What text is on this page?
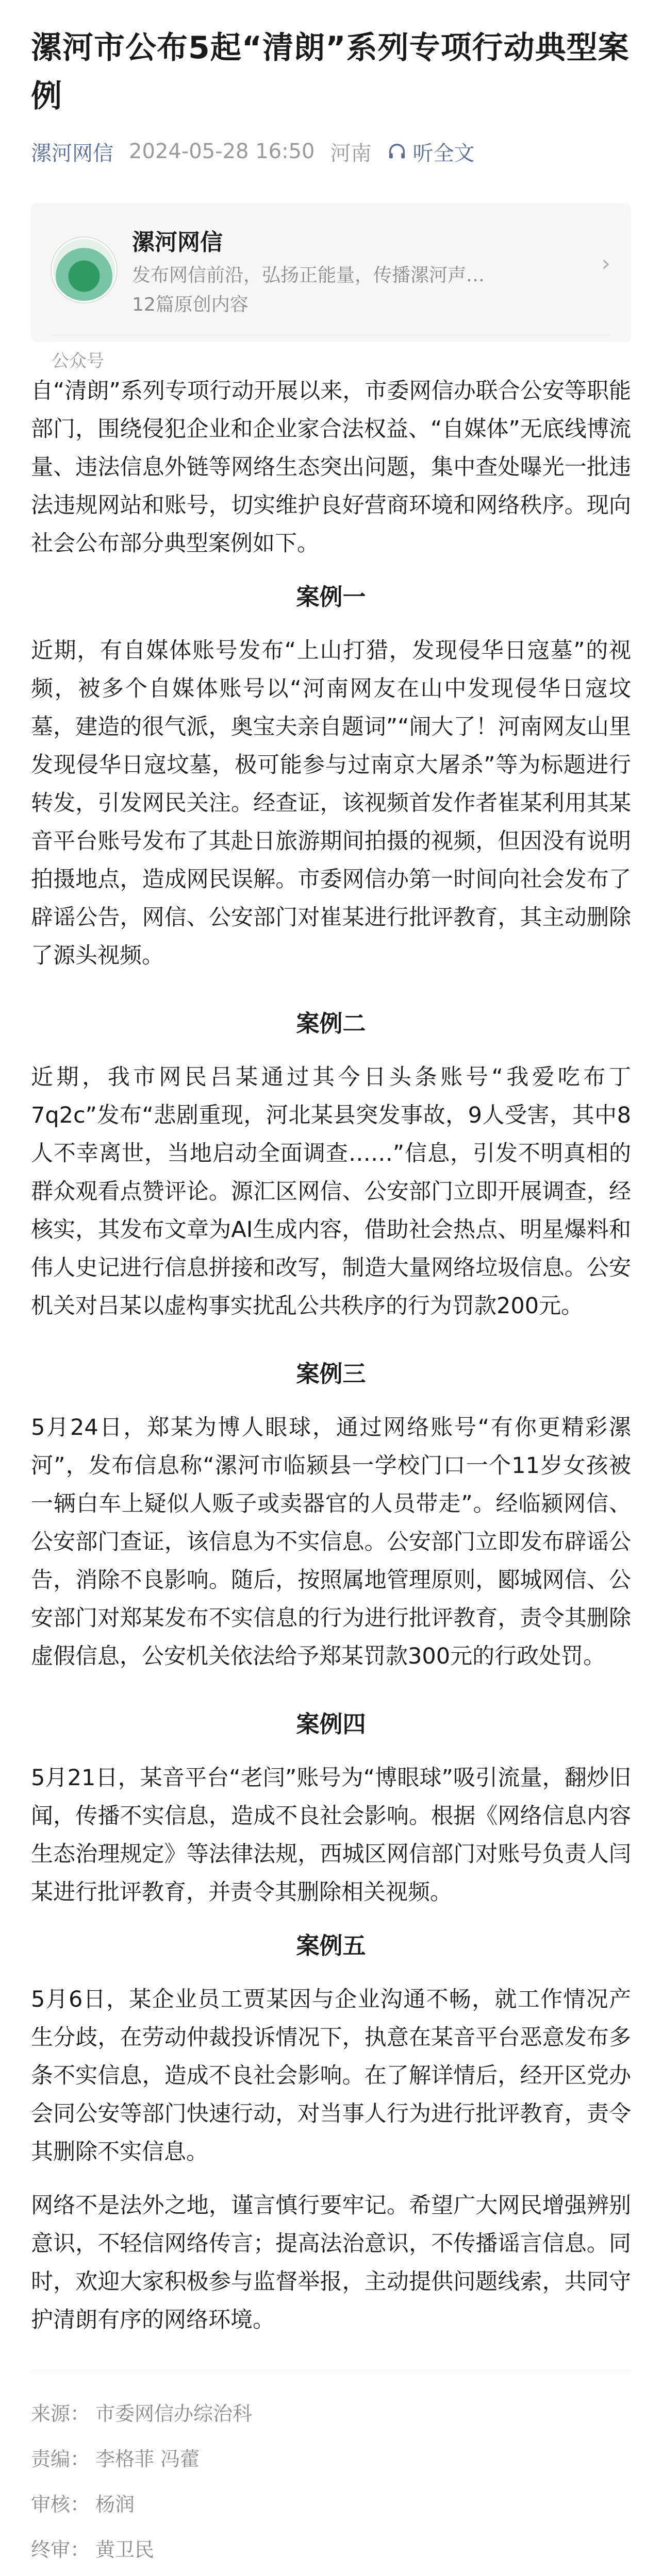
漯河市公布5起“清朗”系列专项行动典型案例
漯河网信 2024-05-28 16:50 河南 听全文
漯河网信
发布网信前沿，弘扬正能量，传播漯河声…
12篇原创内容
›
公众号

自“清朗”系列专项行动开展以来，市委网信办联合公安等职能部门，围绕侵犯企业和企业家合法权益、“自媒体”无底线博流量、违法信息外链等网络生态突出问题，集中查处曝光一批违法违规网站和账号，切实维护良好营商环境和网络秩序。现向社会公布部分典型案例如下。

案例一

近期，有自媒体账号发布“上山打猎，发现侵华日寇墓”的视频，被多个自媒体账号以“河南网友在山中发现侵华日寇坟墓，建造的很气派，奥宝夫亲自题词”“闹大了！河南网友山里发现侵华日寇坟墓，极可能参与过南京大屠杀”等为标题进行转发，引发网民关注。经查证，该视频首发作者崔某利用其某音平台账号发布了其赴日旅游期间拍摄的视频，但因没有说明拍摄地点，造成网民误解。市委网信办第一时间向社会发布了辟谣公告，网信、公安部门对崔某进行批评教育，其主动删除了源头视频。

案例二

近期，我市网民吕某通过其今日头条账号“我爱吃布丁7q2c”发布“悲剧重现，河北某县突发事故，9人受害，其中8人不幸离世，当地启动全面调查……”信息，引发不明真相的群众观看点赞评论。源汇区网信、公安部门立即开展调查，经核实，其发布文章为AI生成内容，借助社会热点、明星爆料和伟人史记进行信息拼接和改写，制造大量网络垃圾信息。公安机关对吕某以虚构事实扰乱公共秩序的行为罚款200元。

案例三

5月24日，郑某为博人眼球，通过网络账号“有你更精彩漯河”，发布信息称“漯河市临颍县一学校门口一个11岁女孩被一辆白车上疑似人贩子或卖器官的人员带走”。经临颍网信、公安部门查证，该信息为不实信息。公安部门立即发布辟谣公告，消除不良影响。随后，按照属地管理原则，郾城网信、公安部门对郑某发布不实信息的行为进行批评教育，责令其删除虚假信息，公安机关依法给予郑某罚款300元的行政处罚。

案例四

5月21日，某音平台“老闫”账号为“博眼球”吸引流量，翻炒旧闻，传播不实信息，造成不良社会影响。根据《网络信息内容生态治理规定》等法律法规，西城区网信部门对账号负责人闫某进行批评教育，并责令其删除相关视频。

案例五

5月6日，某企业员工贾某因与企业沟通不畅，就工作情况产生分歧，在劳动仲裁投诉情况下，执意在某音平台恶意发布多条不实信息，造成不良社会影响。在了解详情后，经开区党办会同公安等部门快速行动，对当事人行为进行批评教育，责令其删除不实信息。

网络不是法外之地，谨言慎行要牢记。希望广大网民增强辨别意识，不轻信网络传言；提高法治意识，不传播谣言信息。同时，欢迎大家积极参与监督举报，主动提供问题线索，共同守护清朗有序的网络环境。

来源： 市委网信办综治科
责编： 李格菲 冯藿
审核： 杨润
终审： 黄卫民
